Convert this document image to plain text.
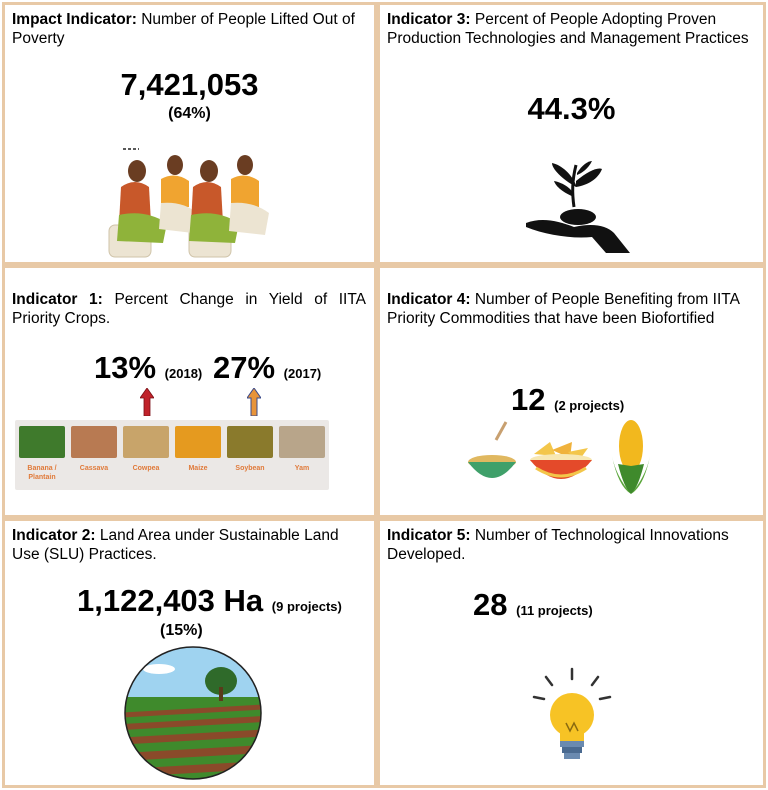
Impact Indicator: Number of People Lifted Out of Poverty
7,421,053
(64%)
Indicator 3: Percent of People Adopting Proven Production Technologies and Management Practices
44.3%
Indicator 1: Percent Change in Yield of IITA Priority Crops.
13% (2018) 27% (2017)
Banana / Plantain
Cassava	Cowpea	Maize	Soybean	Yam
Indicator 4: Number of People Benefiting from IITA Priority Commodities that have been Biofortified
12 (2 projects)
Indicator 2: Land Area under Sustainable Land Use (SLU) Practices.
1,122,403 Ha (9 projects)
(15%)
Indicator 5: Number of Technological Innovations Developed.
28 (11 projects)
